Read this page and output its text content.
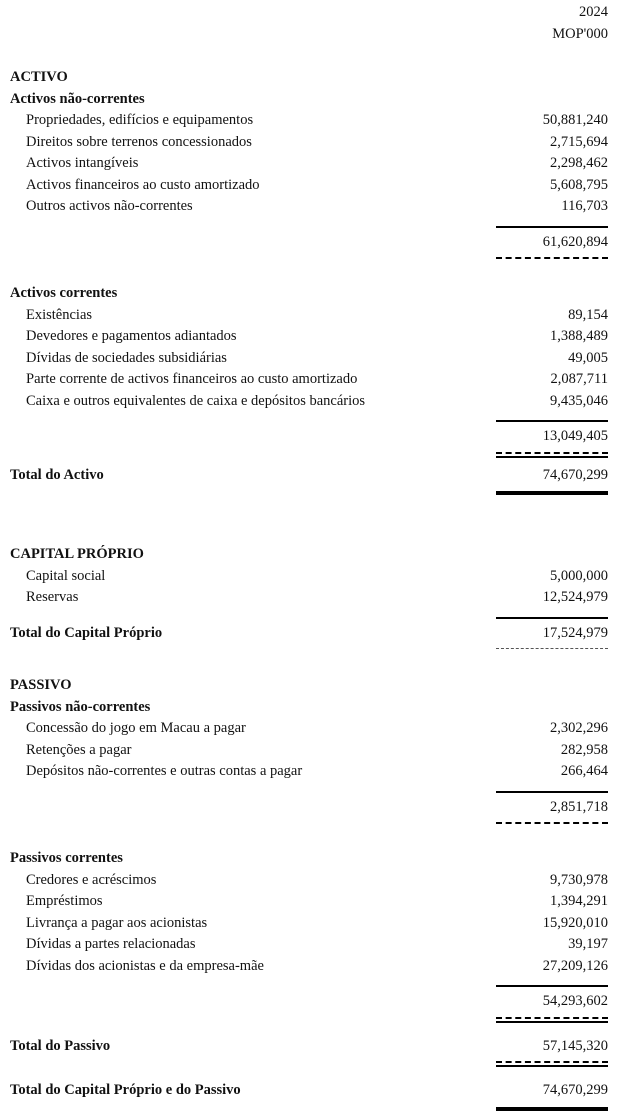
2024
MOP'000
ACTIVO
Activos não-correntes
Propriedades, edifícios e equipamentos	50,881,240
Direitos sobre terrenos concessionados	2,715,694
Activos intangíveis	2,298,462
Activos financeiros ao custo amortizado	5,608,795
Outros activos não-correntes	116,703
61,620,894
Activos correntes
Existências	89,154
Devedores e pagamentos adiantados	1,388,489
Dívidas de sociedades subsidiárias	49,005
Parte corrente de activos financeiros ao custo amortizado	2,087,711
Caixa e outros equivalentes de caixa e depósitos bancários	9,435,046
13,049,405
Total do Activo	74,670,299
CAPITAL PRÓPRIO
Capital social	5,000,000
Reservas	12,524,979
Total do Capital Próprio	17,524,979
PASSIVO
Passivos não-correntes
Concessão do jogo em Macau a pagar	2,302,296
Retenções a pagar	282,958
Depósitos não-correntes e outras contas a pagar	266,464
2,851,718
Passivos correntes
Credores e acréscimos	9,730,978
Empréstimos	1,394,291
Livrança a pagar aos acionistas	15,920,010
Dívidas a partes relacionadas	39,197
Dívidas dos acionistas e da empresa-mãe	27,209,126
54,293,602
Total do Passivo	57,145,320
Total do Capital Próprio e do Passivo	74,670,299
